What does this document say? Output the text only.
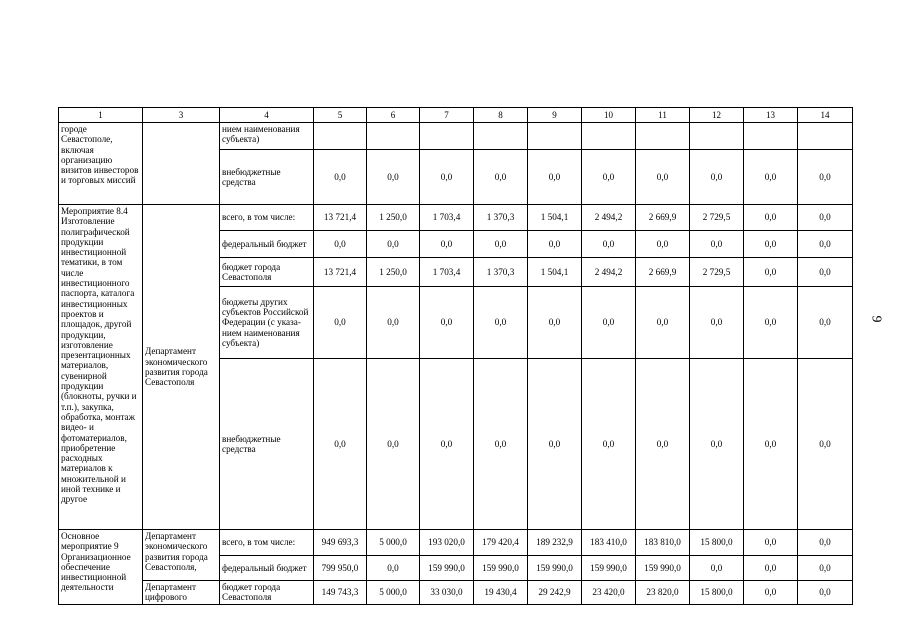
1	3	4	5	6	7	8	9	10	11	12	13	14
городе Севастополе, включая организацию визитов инвесторов и торговых миссий		нием наименования субъекта)										
		внебюджетные средства	0,0	0,0	0,0	0,0	0,0	0,0	0,0	0,0	0,0	0,0
Мероприятие 8.4 Изготовление полиграфической продукции инвестиционной тематики, в том числе инвестиционного паспорта, каталога инвестиционных проектов и площадок, другой продукции, изготовление презентационных материалов, сувенирной продукции (блокноты, ручки и т.п.), закупка, обработка, монтаж видео- и фотоматериалов, приобретение расходных материалов к множительной и иной технике и другое	Департамент экономического развития города Севастополя	всего, в том числе:	13 721,4	1 250,0	1 703,4	1 370,3	1 504,1	2 494,2	2 669,9	2 729,5	0,0	0,0
		федеральный бюджет	0,0	0,0	0,0	0,0	0,0	0,0	0,0	0,0	0,0	0,0
		бюджет города Севастополя	13 721,4	1 250,0	1 703,4	1 370,3	1 504,1	2 494,2	2 669,9	2 729,5	0,0	0,0
		бюджеты других субъектов Российской Федерации (с указа- нием наименования субъекта)	0,0	0,0	0,0	0,0	0,0	0,0	0,0	0,0	0,0	0,0
		внебюджетные средства	0,0	0,0	0,0	0,0	0,0	0,0	0,0	0,0	0,0	0,0
Основное мероприятие 9 Организационное обеспечение инвестиционной деятельности	Департамент экономического развития города Севастополя,	всего, в том числе:	949 693,3	5 000,0	193 020,0	179 420,4	189 232,9	183 410,0	183 810,0	15 800,0	0,0	0,0
		федеральный бюджет	799 950,0	0,0	159 990,0	159 990,0	159 990,0	159 990,0	159 990,0	0,0	0,0	0,0
	Департамент цифрового	бюджет города Севастополя	149 743,3	5 000,0	33 030,0	19 430,4	29 242,9	23 420,0	23 820,0	15 800,0	0,0	0,0
9
